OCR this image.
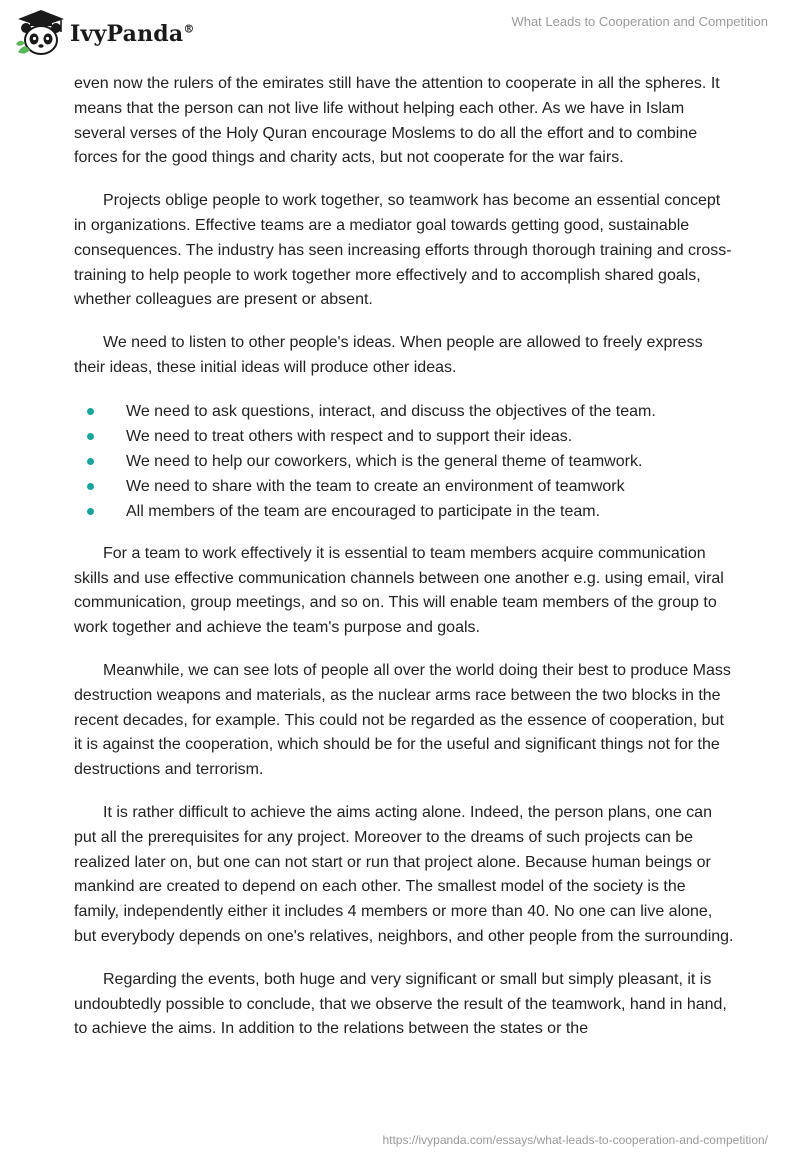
IvyPanda®
What Leads to Cooperation and Competition

even now the rulers of the emirates still have the attention to cooperate in all the spheres. It means that the person can not live life without helping each other. As we have in Islam several verses of the Holy Quran encourage Moslems to do all the effort and to combine forces for the good things and charity acts, but not cooperate for the war fairs.

Projects oblige people to work together, so teamwork has become an essential concept in organizations. Effective teams are a mediator goal towards getting good, sustainable consequences. The industry has seen increasing efforts through thorough training and cross-training to help people to work together more effectively and to accomplish shared goals, whether colleagues are present or absent.

We need to listen to other people's ideas. When people are allowed to freely express their ideas, these initial ideas will produce other ideas.

We need to ask questions, interact, and discuss the objectives of the team.
We need to treat others with respect and to support their ideas.
We need to help our coworkers, which is the general theme of teamwork.
We need to share with the team to create an environment of teamwork
All members of the team are encouraged to participate in the team.

For a team to work effectively it is essential to team members acquire communication skills and use effective communication channels between one another e.g. using email, viral communication, group meetings, and so on. This will enable team members of the group to work together and achieve the team's purpose and goals.

Meanwhile, we can see lots of people all over the world doing their best to produce Mass destruction weapons and materials, as the nuclear arms race between the two blocks in the recent decades, for example. This could not be regarded as the essence of cooperation, but it is against the cooperation, which should be for the useful and significant things not for the destructions and terrorism.

It is rather difficult to achieve the aims acting alone. Indeed, the person plans, one can put all the prerequisites for any project. Moreover to the dreams of such projects can be realized later on, but one can not start or run that project alone. Because human beings or mankind are created to depend on each other. The smallest model of the society is the family, independently either it includes 4 members or more than 40. No one can live alone, but everybody depends on one's relatives, neighbors, and other people from the surrounding.

Regarding the events, both huge and very significant or small but simply pleasant, it is undoubtedly possible to conclude, that we observe the result of the teamwork, hand in hand, to achieve the aims. In addition to the relations between the states or the

https://ivypanda.com/essays/what-leads-to-cooperation-and-competition/
